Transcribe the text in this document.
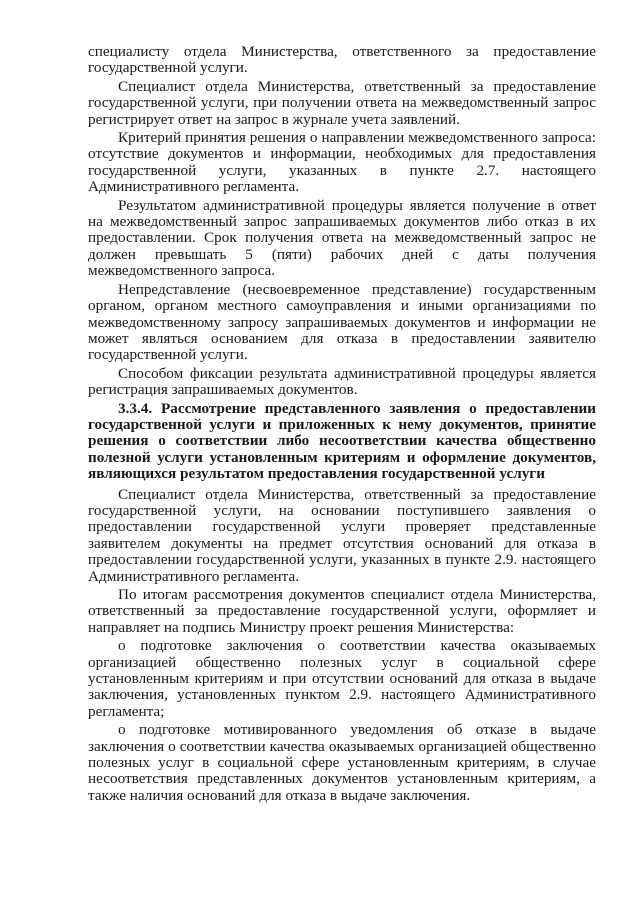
специалисту отдела Министерства, ответственного за предоставление государственной услуги.

Специалист отдела Министерства, ответственный за предоставление государственной услуги, при получении ответа на межведомственный запрос регистрирует ответ на запрос в журнале учета заявлений.

Критерий принятия решения о направлении межведомственного запроса: отсутствие документов и информации, необходимых для предоставления государственной услуги, указанных в пункте 2.7. настоящего Административного регламента.

Результатом административной процедуры является получение в ответ на межведомственный запрос запрашиваемых документов либо отказ в их предоставлении. Срок получения ответа на межведомственный запрос не должен превышать 5 (пяти) рабочих дней с даты получения межведомственного запроса.

Непредставление (несвоевременное представление) государственным органом, органом местного самоуправления и иными организациями по межведомственному запросу запрашиваемых документов и информации не может являться основанием для отказа в предоставлении заявителю государственной услуги.

Способом фиксации результата административной процедуры является регистрация запрашиваемых документов.

3.3.4. Рассмотрение представленного заявления о предоставлении государственной услуги и приложенных к нему документов, принятие решения о соответствии либо несоответствии качества общественно полезной услуги установленным критериям и оформление документов, являющихся результатом предоставления государственной услуги

Специалист отдела Министерства, ответственный за предоставление государственной услуги, на основании поступившего заявления о предоставлении государственной услуги проверяет представленные заявителем документы на предмет отсутствия оснований для отказа в предоставлении государственной услуги, указанных в пункте 2.9. настоящего Административного регламента.

По итогам рассмотрения документов специалист отдела Министерства, ответственный за предоставление государственной услуги, оформляет и направляет на подпись Министру проект решения Министерства:

о подготовке заключения о соответствии качества оказываемых организацией общественно полезных услуг в социальной сфере установленным критериям и при отсутствии оснований для отказа в выдаче заключения, установленных пунктом 2.9. настоящего Административного регламента;

о подготовке мотивированного уведомления об отказе в выдаче заключения о соответствии качества оказываемых организацией общественно полезных услуг в социальной сфере установленным критериям, в случае несоответствия представленных документов установленным критериям, а также наличия оснований для отказа в выдаче заключения.
